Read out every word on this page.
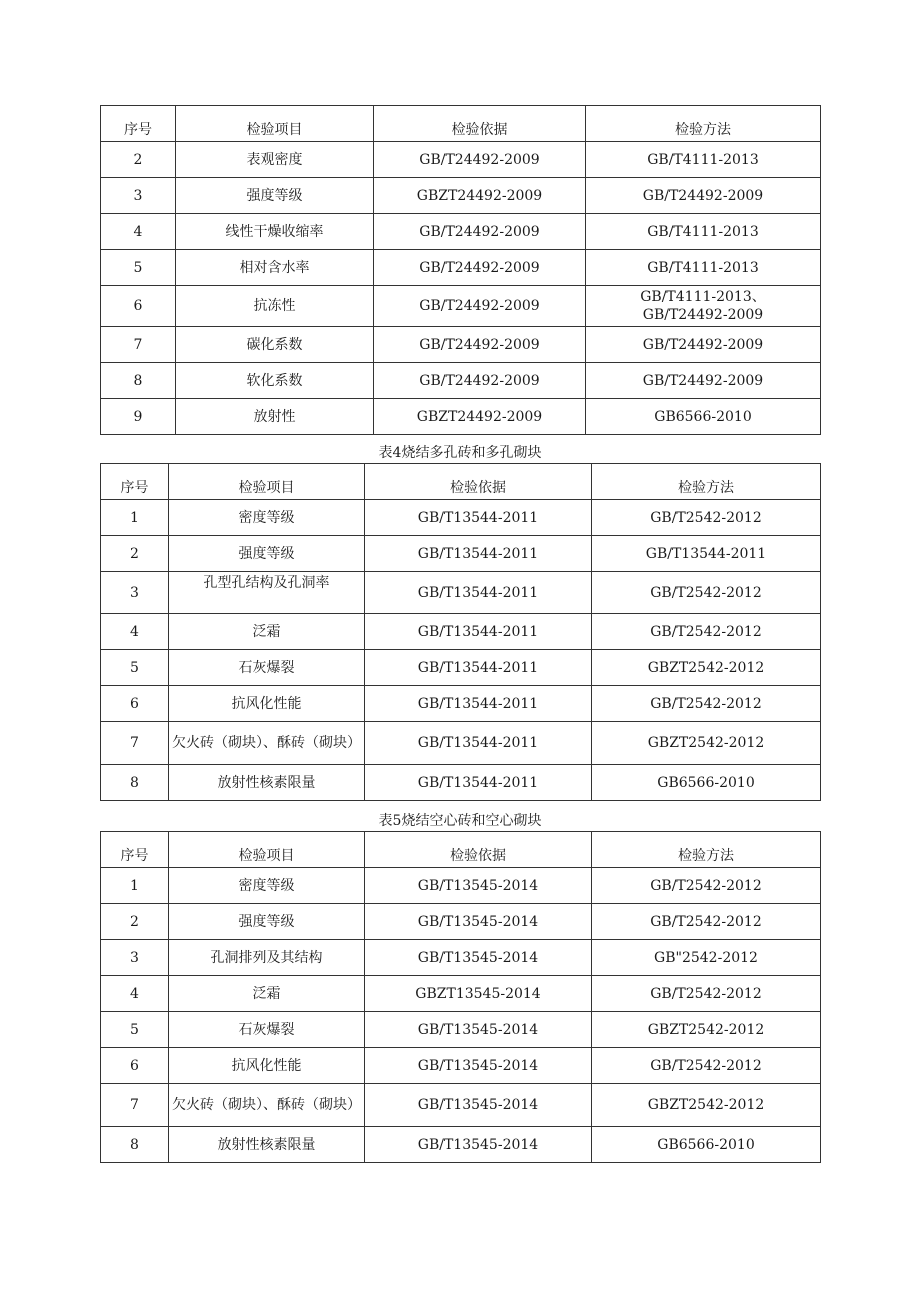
序号	检验项目	检验依据	检验方法
2	表观密度	GB/T24492-2009	GB/T4111-2013
3	强度等级	GBZT24492-2009	GB/T24492-2009
4	线性干燥收缩率	GB/T24492-2009	GB/T4111-2013
5	相对含水率	GB/T24492-2009	GB/T4111-2013
6	抗冻性	GB/T24492-2009	GB/T4111-2013、GB/T24492-2009
7	碳化系数	GB/T24492-2009	GB/T24492-2009
8	软化系数	GB/T24492-2009	GB/T24492-2009
9	放射性	GBZT24492-2009	GB6566-2010
表4烧结多孔砖和多孔砌块
序号	检验项目	检验依据	检验方法
1	密度等级	GB/T13544-2011	GB/T2542-2012
2	强度等级	GB/T13544-2011	GB/T13544-2011
3	孔型孔结构及孔洞率	GB/T13544-2011	GB/T2542-2012
4	泛霜	GB/T13544-2011	GB/T2542-2012
5	石灰爆裂	GB/T13544-2011	GBZT2542-2012
6	抗风化性能	GB/T13544-2011	GB/T2542-2012
7	欠火砖（砌块）、酥砖（砌块）	GB/T13544-2011	GBZT2542-2012
8	放射性核素限量	GB/T13544-2011	GB6566-2010
表5烧结空心砖和空心砌块
序号	检验项目	检验依据	检验方法
1	密度等级	GB/T13545-2014	GB/T2542-2012
2	强度等级	GB/T13545-2014	GB/T2542-2012
3	孔洞排列及其结构	GB/T13545-2014	GB"2542-2012
4	泛霜	GBZT13545-2014	GB/T2542-2012
5	石灰爆裂	GB/T13545-2014	GBZT2542-2012
6	抗风化性能	GB/T13545-2014	GB/T2542-2012
7	欠火砖（砌块）、酥砖（砌块）	GB/T13545-2014	GBZT2542-2012
8	放射性核素限量	GB/T13545-2014	GB6566-2010
